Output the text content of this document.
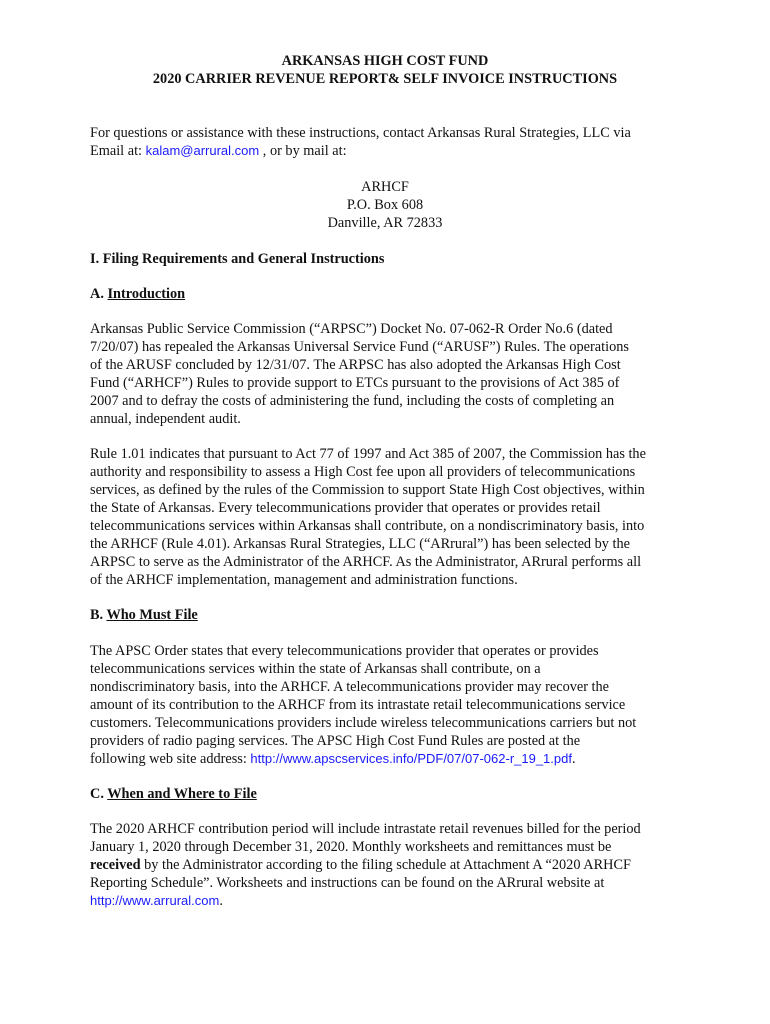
ARKANSAS HIGH COST FUND
2020 CARRIER REVENUE REPORT& SELF INVOICE INSTRUCTIONS
For questions or assistance with these instructions, contact Arkansas Rural Strategies, LLC via
Email at: kalam@arrural.com , or by mail at:
ARHCF
P.O. Box 608
Danville, AR 72833
I. Filing Requirements and General Instructions
A. Introduction
Arkansas Public Service Commission (“ARPSC”) Docket No. 07-062-R Order No.6 (dated
7/20/07) has repealed the Arkansas Universal Service Fund (“ARUSF”) Rules. The operations
of the ARUSF concluded by 12/31/07. The ARPSC has also adopted the Arkansas High Cost
Fund (“ARHCF”) Rules to provide support to ETCs pursuant to the provisions of Act 385 of
2007 and to defray the costs of administering the fund, including the costs of completing an
annual, independent audit.
Rule 1.01 indicates that pursuant to Act 77 of 1997 and Act 385 of 2007, the Commission has the
authority and responsibility to assess a High Cost fee upon all providers of telecommunications
services, as defined by the rules of the Commission to support State High Cost objectives, within
the State of Arkansas. Every telecommunications provider that operates or provides retail
telecommunications services within Arkansas shall contribute, on a nondiscriminatory basis, into
the ARHCF (Rule 4.01). Arkansas Rural Strategies, LLC (“ARrural”) has been selected by the
ARPSC to serve as the Administrator of the ARHCF. As the Administrator, ARrural performs all
of the ARHCF implementation, management and administration functions.
B. Who Must File
The APSC Order states that every telecommunications provider that operates or provides
telecommunications services within the state of Arkansas shall contribute, on a
nondiscriminatory basis, into the ARHCF. A telecommunications provider may recover the
amount of its contribution to the ARHCF from its intrastate retail telecommunications service
customers. Telecommunications providers include wireless telecommunications carriers but not
providers of radio paging services. The APSC High Cost Fund Rules are posted at the
following web site address: http://www.apscservices.info/PDF/07/07-062-r_19_1.pdf.
C. When and Where to File
The 2020 ARHCF contribution period will include intrastate retail revenues billed for the period
January 1, 2020 through December 31, 2020. Monthly worksheets and remittances must be
received by the Administrator according to the filing schedule at Attachment A “2020 ARHCF
Reporting Schedule”. Worksheets and instructions can be found on the ARrural website at
http://www.arrural.com.
